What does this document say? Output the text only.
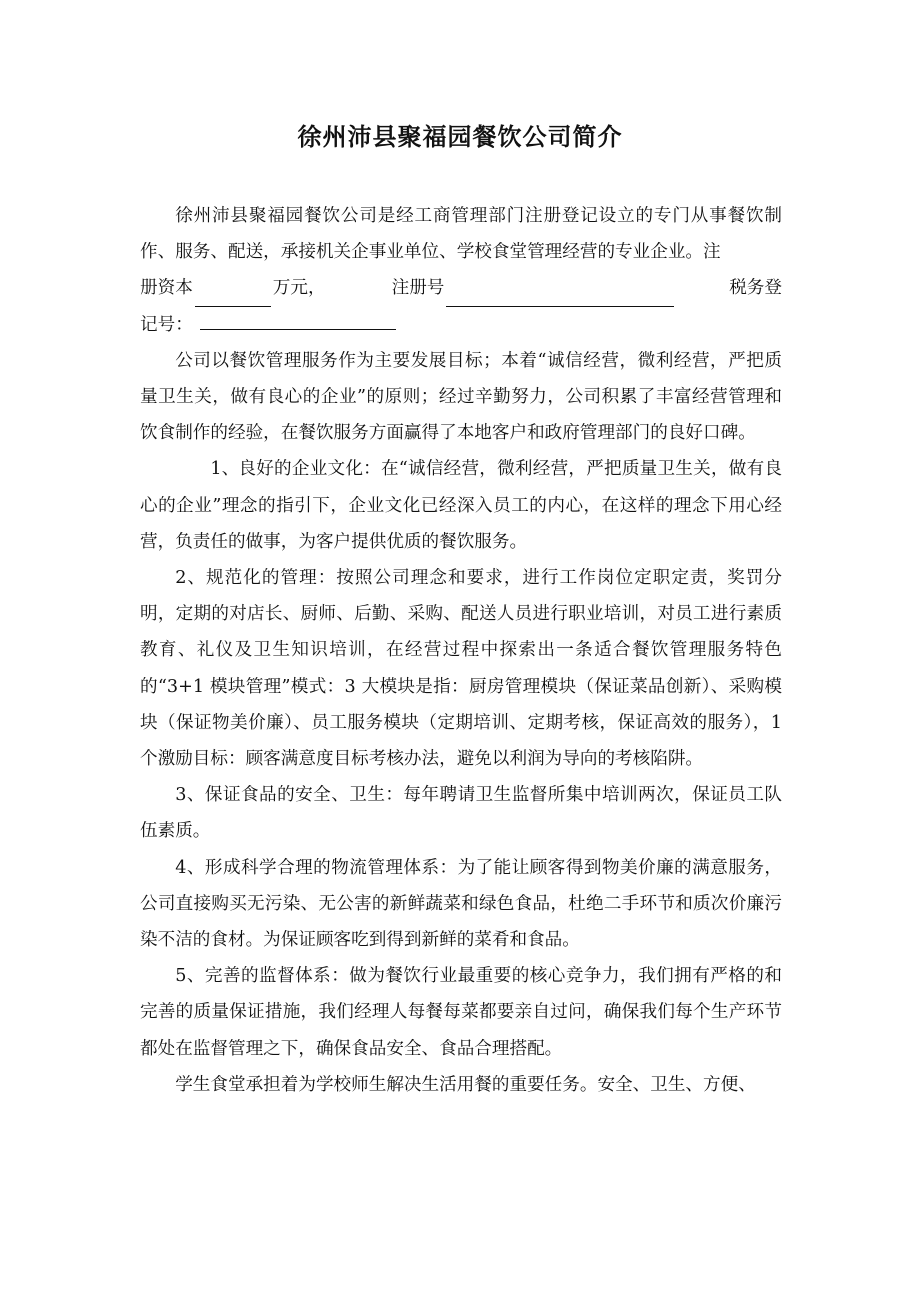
徐州沛县聚福园餐饮公司简介

徐州沛县聚福园餐饮公司是经工商管理部门注册登记设立的专门从事餐饮制作、服务、配送，承接机关企事业单位、学校食堂管理经营的专业企业。注

册资本	万元，	注册号	税务登
记号：

公司以餐饮管理服务作为主要发展目标；本着“诚信经营，微利经营，严把质量卫生关，做有良心的企业”的原则；经过辛勤努力，公司积累了丰富经营管理和饮食制作的经验，在餐饮服务方面赢得了本地客户和政府管理部门的良好口碑。

1、良好的企业文化：在“诚信经营，微利经营，严把质量卫生关，做有良心的企业”理念的指引下，企业文化已经深入员工的内心，在这样的理念下用心经营，负责任的做事，为客户提供优质的餐饮服务。

2、规范化的管理：按照公司理念和要求，进行工作岗位定职定责，奖罚分明，定期的对店长、厨师、后勤、采购、配送人员进行职业培训，对员工进行素质教育、礼仪及卫生知识培训，在经营过程中探索出一条适合餐饮管理服务特色的“3+1 模块管理”模式：3 大模块是指：厨房管理模块（保证菜品创新）、采购模块（保证物美价廉）、员工服务模块（定期培训、定期考核，保证高效的服务），1 个激励目标：顾客满意度目标考核办法，避免以利润为导向的考核陷阱。

3、保证食品的安全、卫生：每年聘请卫生监督所集中培训两次，保证员工队伍素质。

4、形成科学合理的物流管理体系：为了能让顾客得到物美价廉的满意服务，公司直接购买无污染、无公害的新鲜蔬菜和绿色食品，杜绝二手环节和质次价廉污染不洁的食材。为保证顾客吃到得到新鲜的菜肴和食品。

5、完善的监督体系：做为餐饮行业最重要的核心竞争力，我们拥有严格的和完善的质量保证措施，我们经理人每餐每菜都要亲自过问，确保我们每个生产环节都处在监督管理之下，确保食品安全、食品合理搭配。

学生食堂承担着为学校师生解决生活用餐的重要任务。安全、卫生、方便、
